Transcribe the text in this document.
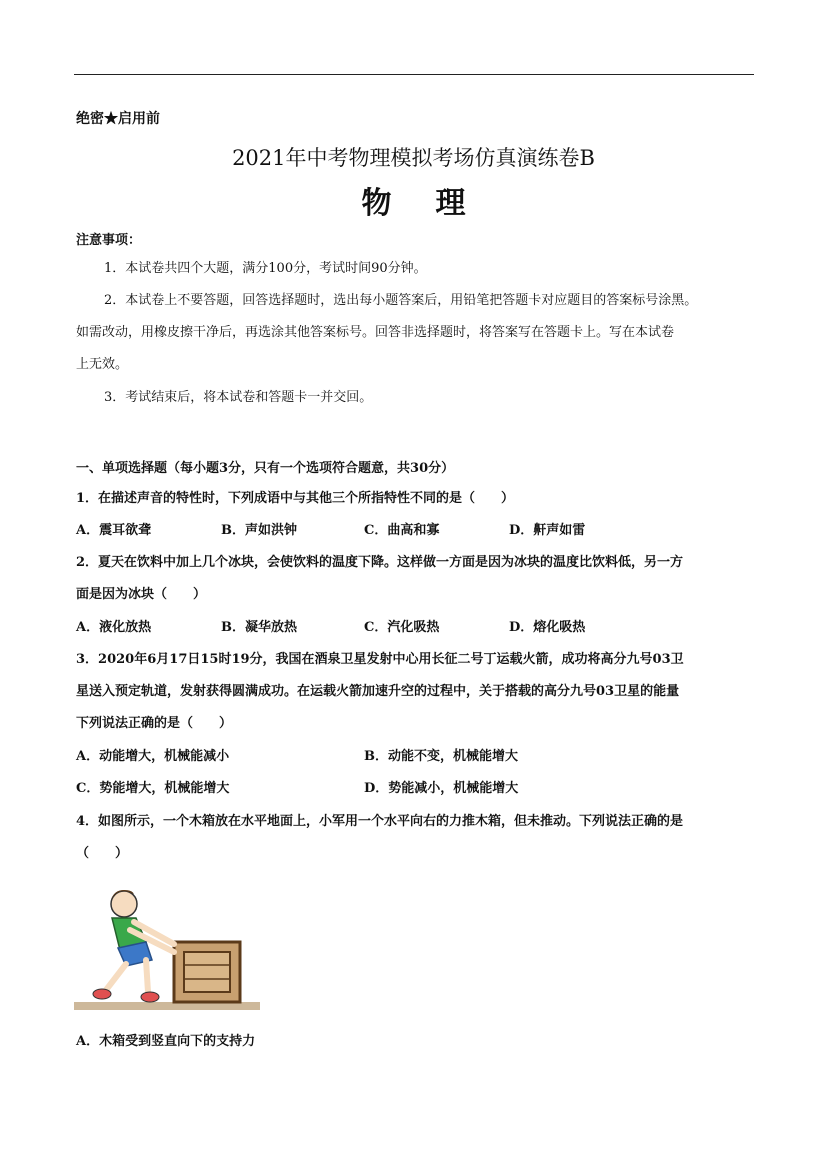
绝密★启用前
2021年中考物理模拟考场仿真演练卷B
物理
注意事项：
1．本试卷共四个大题，满分100分，考试时间90分钟。
2．本试卷上不要答题，回答选择题时，选出每小题答案后，用铅笔把答题卡对应题目的答案标号涂黑。
如需改动，用橡皮擦干净后，再选涂其他答案标号。回答非选择题时，将答案写在答题卡上。写在本试卷
上无效。
3．考试结束后，将本试卷和答题卡一并交回。
一、单项选择题（每小题3分，只有一个选项符合题意，共30分）
1．在描述声音的特性时，下列成语中与其他三个所指特性不同的是（　　）
A．震耳欲聋	B．声如洪钟	C．曲高和寡	D．鼾声如雷
2．夏天在饮料中加上几个冰块，会使饮料的温度下降。这样做一方面是因为冰块的温度比饮料低，另一方
面是因为冰块（　　）
A．液化放热	B．凝华放热	C．汽化吸热	D．熔化吸热
3．2020年6月17日15时19分，我国在酒泉卫星发射中心用长征二号丁运载火箭，成功将高分九号03卫
星送入预定轨道，发射获得圆满成功。在运载火箭加速升空的过程中，关于搭载的高分九号03卫星的能量
下列说法正确的是（　　）
A．动能增大，机械能减小	B．动能不变，机械能增大
C．势能增大，机械能增大	D．势能减小，机械能增大
4．如图所示，一个木箱放在水平地面上，小军用一个水平向右的力推木箱，但未推动。下列说法正确的是
（　　）
A．木箱受到竖直向下的支持力
